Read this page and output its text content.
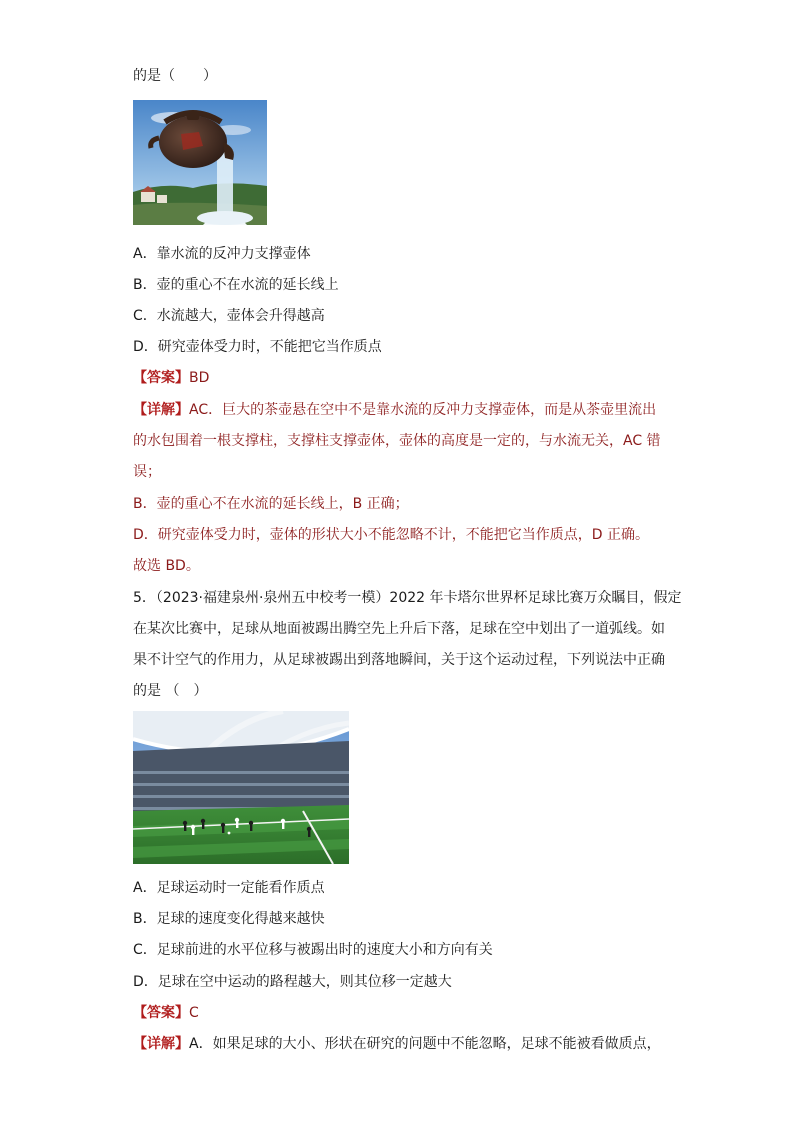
的是（　　）
A．靠水流的反冲力支撑壶体
B．壶的重心不在水流的延长线上
C．水流越大，壶体会升得越高
D．研究壶体受力时，不能把它当作质点
【答案】BD
【详解】AC．巨大的茶壶悬在空中不是靠水流的反冲力支撑壶体，而是从茶壶里流出
的水包围着一根支撑柱，支撑柱支撑壶体，壶体的高度是一定的，与水流无关，AC 错
误；
B．壶的重心不在水流的延长线上，B 正确；
D．研究壶体受力时，壶体的形状大小不能忽略不计，不能把它当作质点，D 正确。
故选 BD。
5．（2023·福建泉州·泉州五中校考一模）2022 年卡塔尔世界杯足球比赛万众瞩目，假定
在某次比赛中，足球从地面被踢出腾空先上升后下落，足球在空中划出了一道弧线。如
果不计空气的作用力，从足球被踢出到落地瞬间，关于这个运动过程，下列说法中正确
的是 （　）
A．足球运动时一定能看作质点
B．足球的速度变化得越来越快
C．足球前进的水平位移与被踢出时的速度大小和方向有关
D．足球在空中运动的路程越大，则其位移一定越大
【答案】C
【详解】A．如果足球的大小、形状在研究的问题中不能忽略，足球不能被看做质点，
